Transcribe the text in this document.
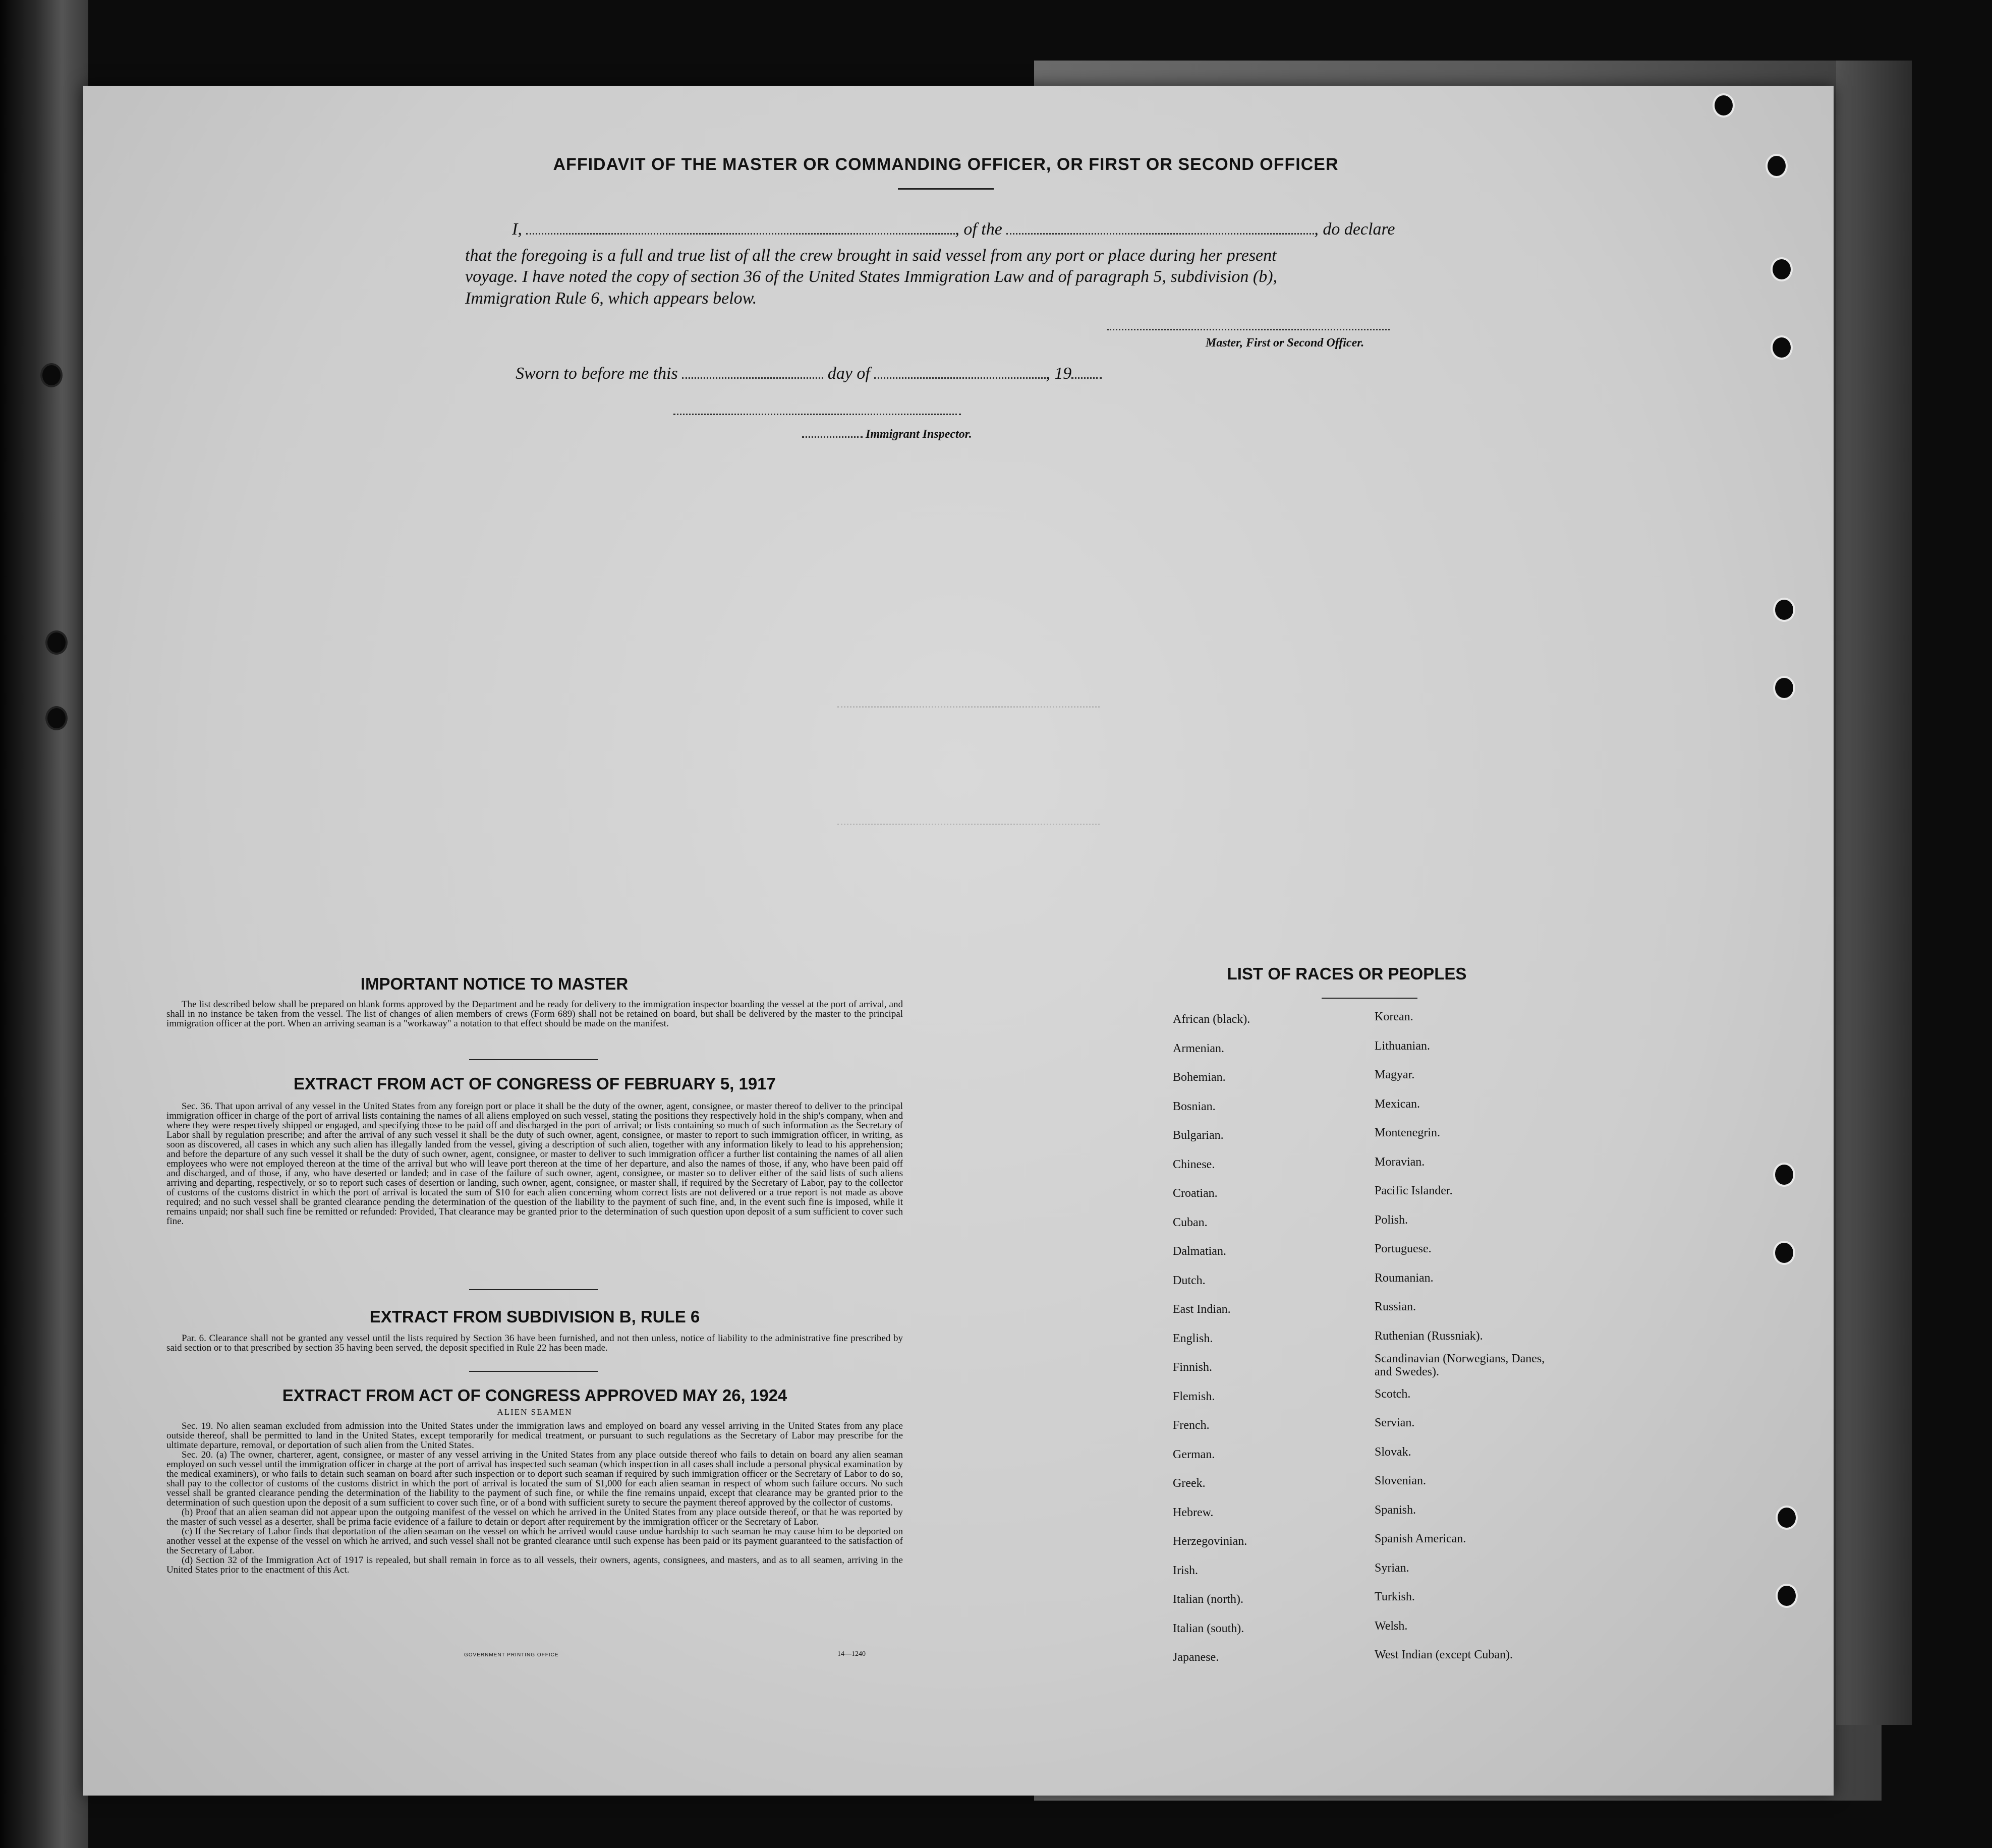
AFFIDAVIT OF THE MASTER OR COMMANDING OFFICER, OR FIRST OR SECOND OFFICER
I,	, of the	, do declare
that the foregoing is a full and true list of all the crew brought in said vessel from any port or place during her present
voyage. I have noted the copy of section 36 of the United States Immigration Law and of paragraph 5, subdivision (b),
Immigration Rule 6, which appears below.
Master, First or Second Officer.
Sworn to before me this	day of	, 19
Immigrant Inspector.
IMPORTANT NOTICE TO MASTER

The list described below shall be prepared on blank forms approved by the Department and be ready for delivery to the immigration inspector boarding the vessel at the port of arrival, and shall in no instance be taken from the vessel. The list of changes of alien members of crews (Form 689) shall not be retained on board, but shall be delivered by the master to the principal immigration officer at the port. When an arriving seaman is a "workaway" a notation to that effect should be made on the manifest.

EXTRACT FROM ACT OF CONGRESS OF FEBRUARY 5, 1917

Sec. 36. That upon arrival of any vessel in the United States from any foreign port or place it shall be the duty of the owner, agent, consignee, or master thereof to deliver to the principal immigration officer in charge of the port of arrival lists containing the names of all aliens employed on such vessel, stating the positions they respectively hold in the ship's company, when and where they were respectively shipped or engaged, and specifying those to be paid off and discharged in the port of arrival; or lists containing so much of such information as the Secretary of Labor shall by regulation prescribe; and after the arrival of any such vessel it shall be the duty of such owner, agent, consignee, or master to report to such immigration officer, in writing, as soon as discovered, all cases in which any such alien has illegally landed from the vessel, giving a description of such alien, together with any information likely to lead to his apprehension; and before the departure of any such vessel it shall be the duty of such owner, agent, consignee, or master to deliver to such immigration officer a further list containing the names of all alien employees who were not employed thereon at the time of the arrival but who will leave port thereon at the time of her departure, and also the names of those, if any, who have been paid off and discharged, and of those, if any, who have deserted or landed; and in case of the failure of such owner, agent, consignee, or master so to deliver either of the said lists of such aliens arriving and departing, respectively, or so to report such cases of desertion or landing, such owner, agent, consignee, or master shall, if required by the Secretary of Labor, pay to the collector of customs of the customs district in which the port of arrival is located the sum of $10 for each alien concerning whom correct lists are not delivered or a true report is not made as above required; and no such vessel shall be granted clearance pending the determination of the question of the liability to the payment of such fine, and, in the event such fine is imposed, while it remains unpaid; nor shall such fine be remitted or refunded: Provided, That clearance may be granted prior to the determination of such question upon deposit of a sum sufficient to cover such fine.

EXTRACT FROM SUBDIVISION B, RULE 6

Par. 6. Clearance shall not be granted any vessel until the lists required by Section 36 have been furnished, and not then unless, notice of liability to the administrative fine prescribed by said section or to that prescribed by section 35 having been served, the deposit specified in Rule 22 has been made.

EXTRACT FROM ACT OF CONGRESS APPROVED MAY 26, 1924
ALIEN SEAMEN

Sec. 19. No alien seaman excluded from admission into the United States under the immigration laws and employed on board any vessel arriving in the United States from any place outside thereof, shall be permitted to land in the United States, except temporarily for medical treatment, or pursuant to such regulations as the Secretary of Labor may prescribe for the ultimate departure, removal, or deportation of such alien from the United States.

Sec. 20. (a) The owner, charterer, agent, consignee, or master of any vessel arriving in the United States from any place outside thereof who fails to detain on board any alien seaman employed on such vessel until the immigration officer in charge at the port of arrival has inspected such seaman (which inspection in all cases shall include a personal physical examination by the medical examiners), or who fails to detain such seaman on board after such inspection or to deport such seaman if required by such immigration officer or the Secretary of Labor to do so, shall pay to the collector of customs of the customs district in which the port of arrival is located the sum of $1,000 for each alien seaman in respect of whom such failure occurs. No such vessel shall be granted clearance pending the determination of the liability to the payment of such fine, or while the fine remains unpaid, except that clearance may be granted prior to the determination of such question upon the deposit of a sum sufficient to cover such fine, or of a bond with sufficient surety to secure the payment thereof approved by the collector of customs.

(b) Proof that an alien seaman did not appear upon the outgoing manifest of the vessel on which he arrived in the United States from any place outside thereof, or that he was reported by the master of such vessel as a deserter, shall be prima facie evidence of a failure to detain or deport after requirement by the immigration officer or the Secretary of Labor.

(c) If the Secretary of Labor finds that deportation of the alien seaman on the vessel on which he arrived would cause undue hardship to such seaman he may cause him to be deported on another vessel at the expense of the vessel on which he arrived, and such vessel shall not be granted clearance until such expense has been paid or its payment guaranteed to the satisfaction of the Secretary of Labor.

(d) Section 32 of the Immigration Act of 1917 is repealed, but shall remain in force as to all vessels, their owners, agents, consignees, and masters, and as to all seamen, arriving in the United States prior to the enactment of this Act.

GOVERNMENT PRINTING OFFICE	14—1240
LIST OF RACES OR PEOPLES
African (black).
Armenian.
Bohemian.
Bosnian.
Bulgarian.
Chinese.
Croatian.
Cuban.
Dalmatian.
Dutch.
East Indian.
English.
Finnish.
Flemish.
French.
German.
Greek.
Hebrew.
Herzegovinian.
Irish.
Italian (north).
Italian (south).
Japanese.
Korean.
Lithuanian.
Magyar.
Mexican.
Montenegrin.
Moravian.
Pacific Islander.
Polish.
Portuguese.
Roumanian.
Russian.
Ruthenian (Russniak).
Scandinavian (Norwegians, Danes, and Swedes).
Scotch.
Servian.
Slovak.
Slovenian.
Spanish.
Spanish American.
Syrian.
Turkish.
Welsh.
West Indian (except Cuban).
